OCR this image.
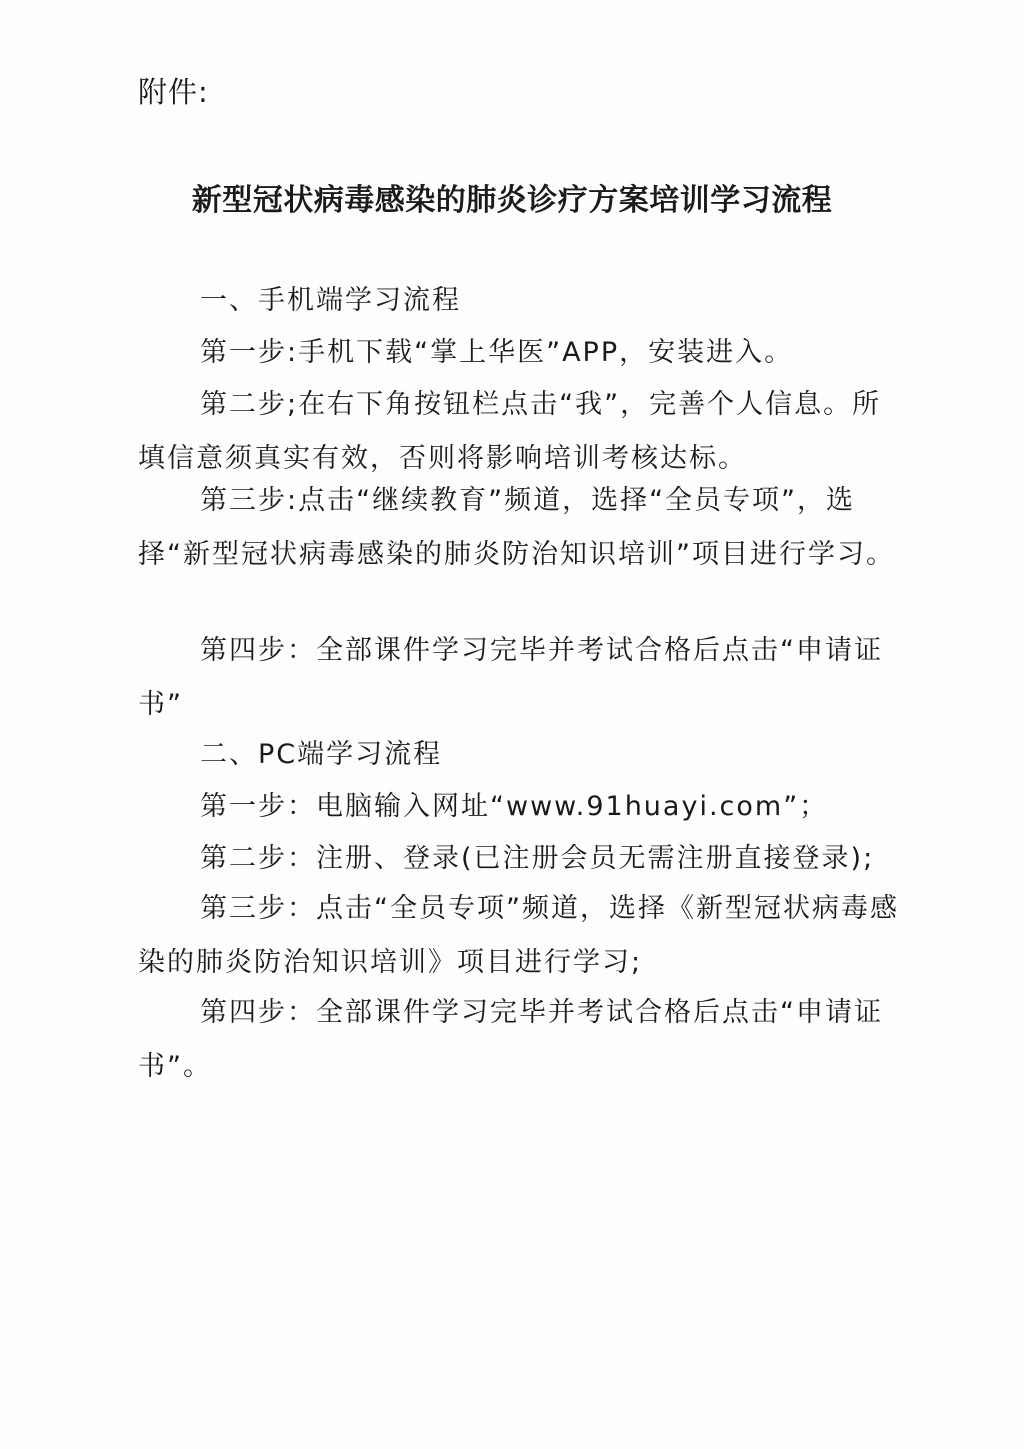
附件:
新型冠状病毒感染的肺炎诊疗方案培训学习流程

一、手机端学习流程

第一步:手机下载“掌上华医”APP，安装进入。

第二步;在右下角按钮栏点击“我”，完善个人信息。所填信意须真实有效，否则将影响培训考核达标。

第三步:点击“继续教育”频道，选择“全员专项”，选择“新型冠状病毒感染的肺炎防治知识培训”项目进行学习。

第四步：全部课件学习完毕并考试合格后点击“申请证书”

二、PC端学习流程

第一步：电脑输入网址“www.91huayi.com”；

第二步：注册、登录(已注册会员无需注册直接登录);

第三步：点击“全员专项”频道，选择《新型冠状病毒感染的肺炎防治知识培训》项目进行学习;

第四步：全部课件学习完毕并考试合格后点击“申请证书”。
